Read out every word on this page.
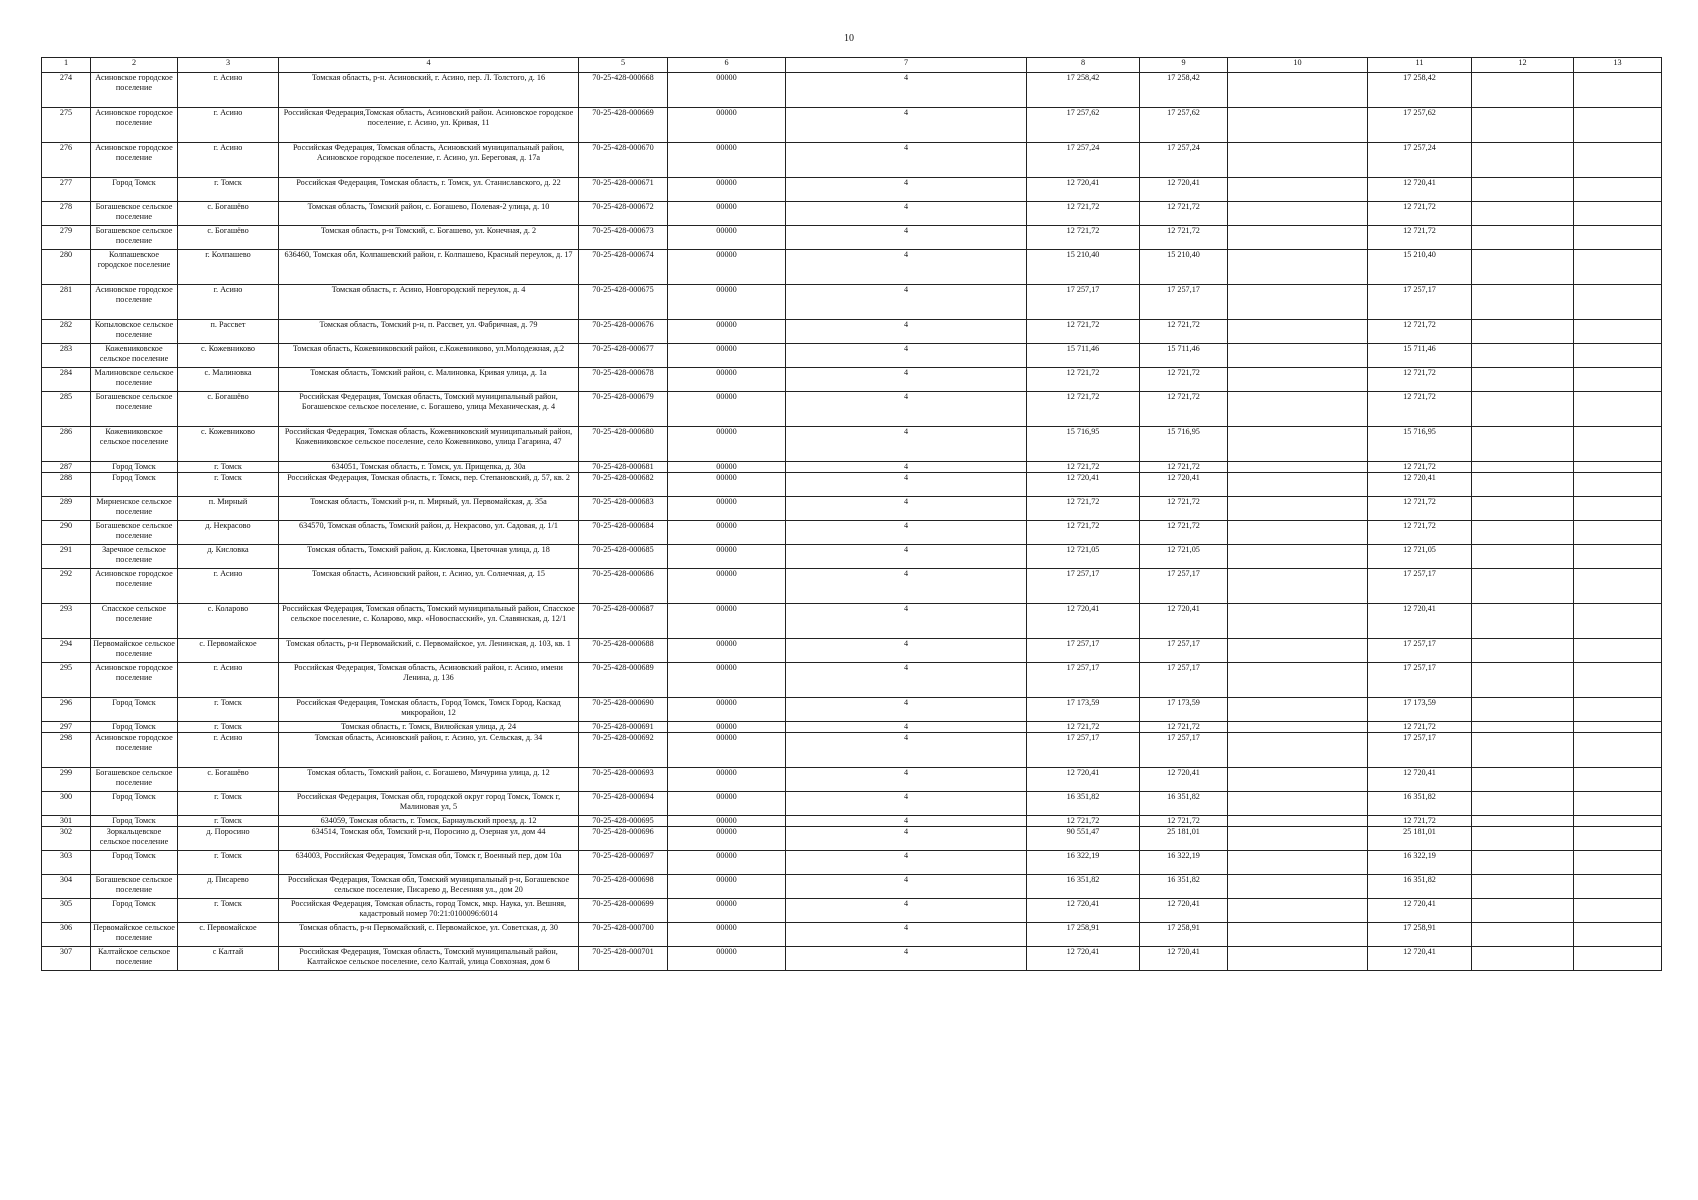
10
1	2	3	4	5	6	7	8	9	10	11	12	13
274	Асиновское городское поселение	г. Асино	Томская область, р-н. Асиновский, г. Асино, пер. Л. Толстого, д. 16	70-25-428-000668	00000	4	17 258,42	17 258,42		17 258,42		
275	Асиновское городское поселение	г. Асино	Российская Федерация,Томская область, Асиновский район. Асиновское городское поселение, г. Асино, ул. Кривая, 11	70-25-428-000669	00000	4	17 257,62	17 257,62		17 257,62		
276	Асиновское городское поселение	г. Асино	Российская Федерация, Томская область, Асиновский муниципальный район, Асиновское городское поселение, г. Асино, ул. Береговая, д. 17а	70-25-428-000670	00000	4	17 257,24	17 257,24		17 257,24		
277	Город Томск	г. Томск	Российская Федерация, Томская область, г. Томск, ул. Станиславского, д. 22	70-25-428-000671	00000	4	12 720,41	12 720,41		12 720,41		
278	Богашевское сельское поселение	с. Богашёво	Томская область, Томский район, с. Богашево, Полевая-2 улица, д. 10	70-25-428-000672	00000	4	12 721,72	12 721,72		12 721,72		
279	Богашевское сельское поселение	с. Богашёво	Томская область, р-н Томский, с. Богашево, ул. Конечная, д. 2	70-25-428-000673	00000	4	12 721,72	12 721,72		12 721,72		
280	Колпашевское городское поселение	г. Колпашево	636460, Томская обл, Колпашевский район, г. Колпашево, Красный переулок, д. 17	70-25-428-000674	00000	4	15 210,40	15 210,40		15 210,40		
281	Асиновское городское поселение	г. Асино	Томская область, г. Асино, Новгородский переулок, д. 4	70-25-428-000675	00000	4	17 257,17	17 257,17		17 257,17		
282	Копыловское сельское поселение	п. Рассвет	Томская область, Томский р-н, п. Рассвет, ул. Фабричная, д. 79	70-25-428-000676	00000	4	12 721,72	12 721,72		12 721,72		
283	Кожевниковское сельское поселение	с. Кожевниково	Томская область, Кожевниковский район, с.Кожевниково, ул.Молодежная, д.2	70-25-428-000677	00000	4	15 711,46	15 711,46		15 711,46		
284	Малиновское сельское поселение	с. Малиновка	Томская область, Томский район, с. Малиновка, Кривая улица, д. 1а	70-25-428-000678	00000	4	12 721,72	12 721,72		12 721,72		
285	Богашевское сельское поселение	с. Богашёво	Российская Федерация, Томская область, Томский муниципальный район, Богашевское сельское поселение, с. Богашево, улица Механическая, д. 4	70-25-428-000679	00000	4	12 721,72	12 721,72		12 721,72		
286	Кожевниковское сельское поселение	с. Кожевниково	Российская Федерация, Томская область, Кожевниковский муниципальный район, Кожевниковское сельское поселение, село Кожевниково, улица Гагарина, 47	70-25-428-000680	00000	4	15 716,95	15 716,95		15 716,95		
287	Город Томск	г. Томск	634051, Томская область, г. Томск, ул. Прищепка, д. 30а	70-25-428-000681	00000	4	12 721,72	12 721,72		12 721,72		
288	Город Томск	г. Томск	Российская Федерация, Томская область, г. Томск, пер. Степановский, д. 57, кв. 2	70-25-428-000682	00000	4	12 720,41	12 720,41		12 720,41		
289	Мирненское сельское поселение	п. Мирный	Томская область, Томский р-н, п. Мирный, ул. Первомайская, д. 35а	70-25-428-000683	00000	4	12 721,72	12 721,72		12 721,72		
290	Богашевское сельское поселение	д. Некрасово	634570, Томская область, Томский район, д. Некрасово, ул. Садовая, д. 1/1	70-25-428-000684	00000	4	12 721,72	12 721,72		12 721,72		
291	Заречное сельское поселение	д. Кисловка	Томская область, Томский район, д. Кисловка, Цветочная улица, д. 18	70-25-428-000685	00000	4	12 721,05	12 721,05		12 721,05		
292	Асиновское городское поселение	г. Асино	Томская область, Асиновский район, г. Асино, ул. Солнечная, д. 15	70-25-428-000686	00000	4	17 257,17	17 257,17		17 257,17		
293	Спасское сельское поселение	с. Коларово	Российская Федерация, Томская область, Томский муниципальный район, Спасское сельское поселение, с. Коларово, мкр. «Новоспасский», ул. Славянская, д. 12/1	70-25-428-000687	00000	4	12 720,41	12 720,41		12 720,41		
294	Первомайское сельское поселение	с. Первомайское	Томская область, р-н Первомайский, с. Первомайское, ул. Ленинская, д. 103, кв. 1	70-25-428-000688	00000	4	17 257,17	17 257,17		17 257,17		
295	Асиновское городское поселение	г. Асино	Российская Федерация, Томская область, Асиновский район, г. Асино, имени Ленина, д. 136	70-25-428-000689	00000	4	17 257,17	17 257,17		17 257,17		
296	Город Томск	г. Томск	Российская Федерация, Томская область, Город Томск, Томск Город, Каскад микрорайон, 12	70-25-428-000690	00000	4	17 173,59	17 173,59		17 173,59		
297	Город Томск	г. Томск	Томская область, г. Томск, Вилюйская улица, д. 24	70-25-428-000691	00000	4	12 721,72	12 721,72		12 721,72		
298	Асиновское городское поселение	г. Асино	Томская область, Асиновский район, г. Асино, ул. Сельская, д. 34	70-25-428-000692	00000	4	17 257,17	17 257,17		17 257,17		
299	Богашевское сельское поселение	с. Богашёво	Томская область, Томский район, с. Богашево, Мичурина улица, д. 12	70-25-428-000693	00000	4	12 720,41	12 720,41		12 720,41		
300	Город Томск	г. Томск	Российская Федерация, Томская обл, городской округ город Томск, Томск г, Малиновая ул, 5	70-25-428-000694	00000	4	16 351,82	16 351,82		16 351,82		
301	Город Томск	г. Томск	634059, Томская область, г. Томск, Барнаульский проезд, д. 12	70-25-428-000695	00000	4	12 721,72	12 721,72		12 721,72		
302	Зоркальцевское сельское поселение	д. Поросино	634514, Томская обл, Томский р-н, Поросино д, Озерная ул, дом 44	70-25-428-000696	00000	4	90 551,47	25 181,01		25 181,01		
303	Город Томск	г. Томск	634003, Российская Федерация, Томская обл, Томск г, Военный пер, дом 10а	70-25-428-000697	00000	4	16 322,19	16 322,19		16 322,19		
304	Богашевское сельское поселение	д. Писарево	Российская Федерация, Томская обл, Томский муниципальный р-н, Богашевское сельское поселение, Писарево д, Весенняя ул., дом 20	70-25-428-000698	00000	4	16 351,82	16 351,82		16 351,82		
305	Город Томск	г. Томск	Российская Федерация, Томская область, город Томск, мкр. Наука, ул. Вешняя, кадастровый номер 70:21:0100096:6014	70-25-428-000699	00000	4	12 720,41	12 720,41		12 720,41		
306	Первомайское сельское поселение	с. Первомайское	Томская область, р-н Первомайский, с. Первомайское, ул. Советская, д. 30	70-25-428-000700	00000	4	17 258,91	17 258,91		17 258,91		
307	Калтайское сельское поселение	с Калтай	Российская Федерация, Томская область, Томский муниципальный район, Калтайское сельское поселение, село Калтай, улица Совхозная, дом 6	70-25-428-000701	00000	4	12 720,41	12 720,41		12 720,41		
